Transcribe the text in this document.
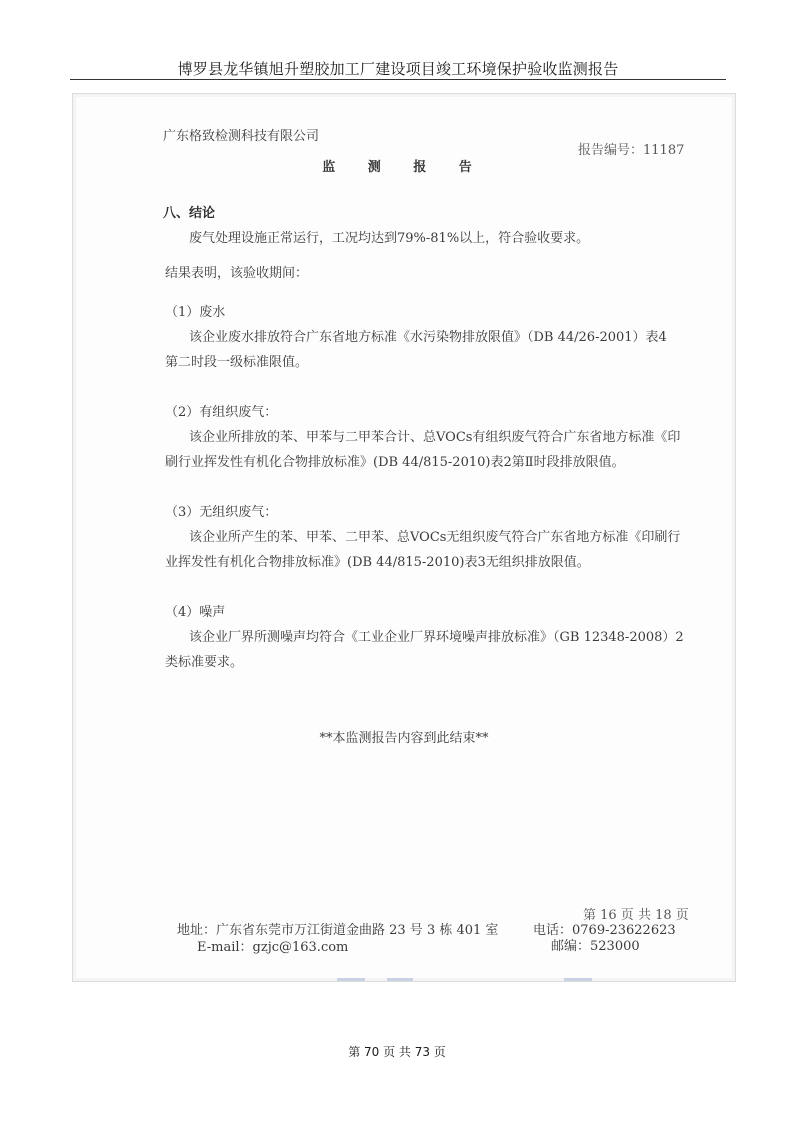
博罗县龙华镇旭升塑胶加工厂建设项目竣工环境保护验收监测报告
广东格致检测科技有限公司
报告编号：11187
监 测 报 告
八、结论
废气处理设施正常运行，工况均达到79%-81%以上，符合验收要求。
结果表明，该验收期间：
（1）废水
该企业废水排放符合广东省地方标准《水污染物排放限值》（DB 44/26-2001）表4
第二时段一级标准限值。
（2）有组织废气：
该企业所排放的苯、甲苯与二甲苯合计、总VOCs有组织废气符合广东省地方标准《印
刷行业挥发性有机化合物排放标准》(DB 44/815-2010)表2第Ⅱ时段排放限值。
（3）无组织废气：
该企业所产生的苯、甲苯、二甲苯、总VOCs无组织废气符合广东省地方标准《印刷行
业挥发性有机化合物排放标准》(DB 44/815-2010)表3无组织排放限值。
（4）噪声
该企业厂界所测噪声均符合《工业企业厂界环境噪声排放标准》（GB 12348-2008）2
类标准要求。
**本监测报告内容到此结束**
第 16 页 共 18 页
地址：广东省东莞市万江街道金曲路 23 号 3 栋 401 室
E-mail：gzjc@163.com
电话：0769-23622623
邮编：523000
第 70 页 共 73 页
